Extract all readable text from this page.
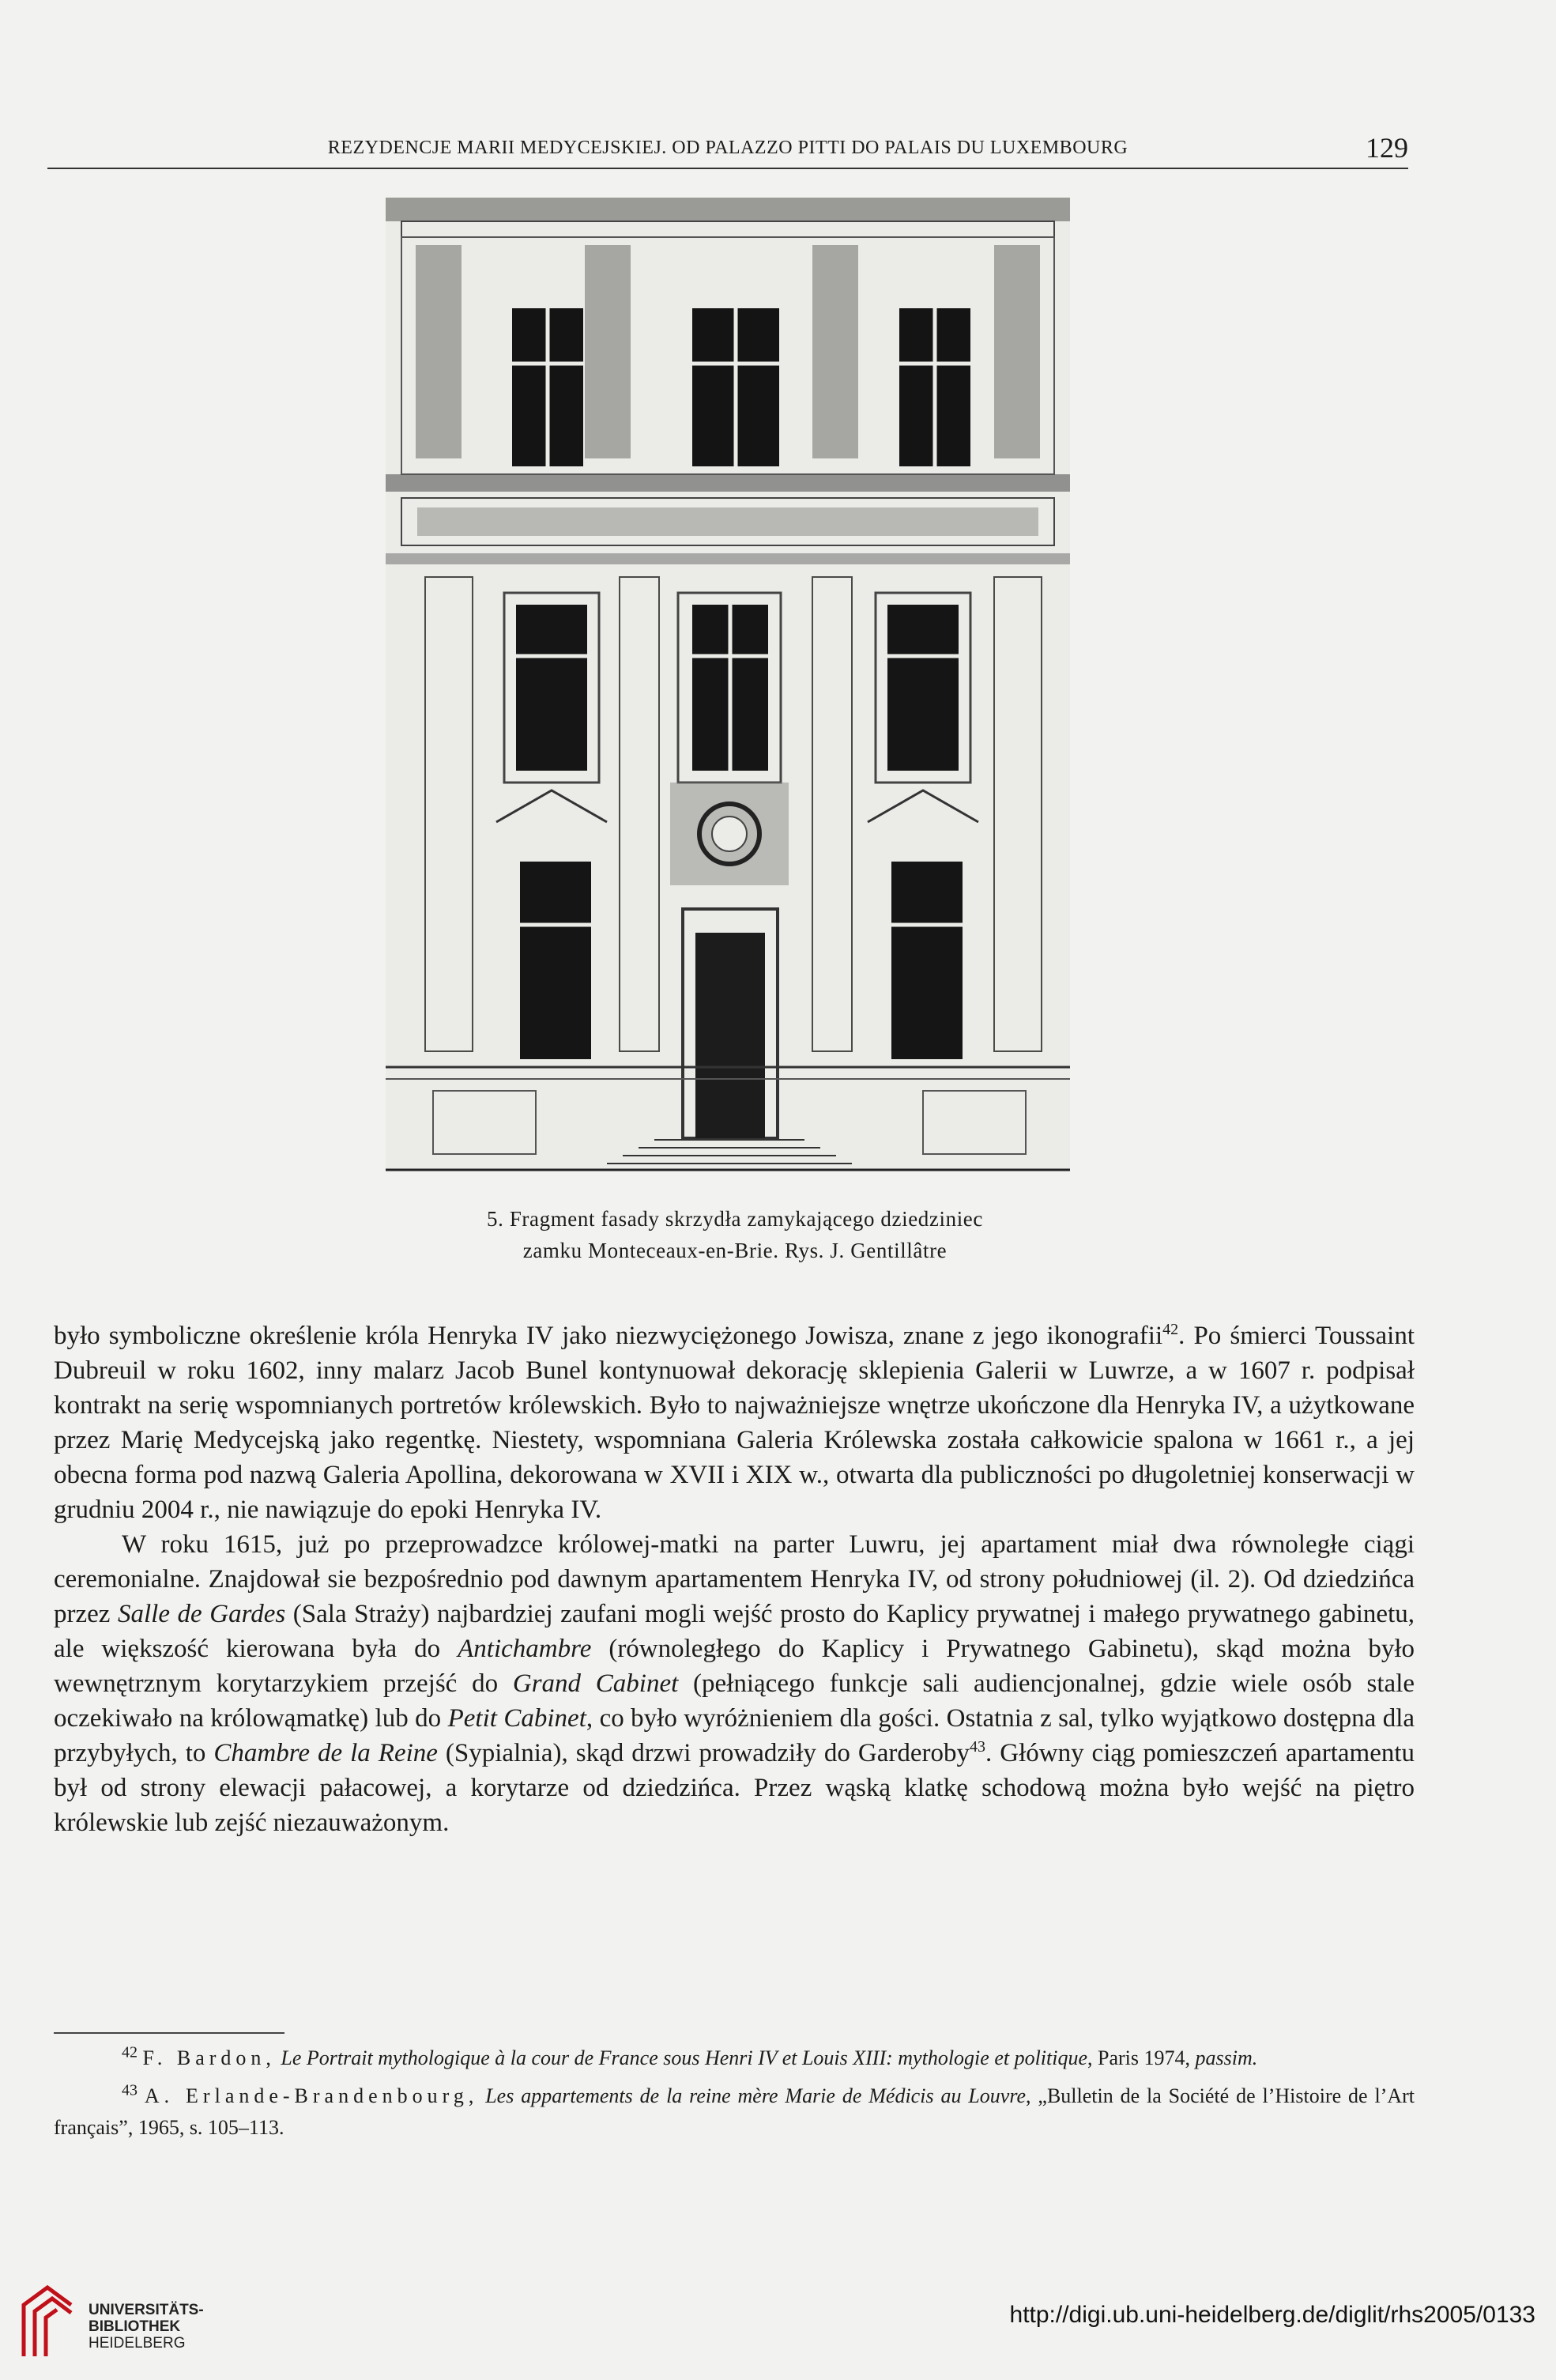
REZYDENCJE MARII MEDYCEJSKIEJ. OD PALAZZO PITTI DO PALAIS DU LUXEMBOURG	129
5. Fragment fasady skrzydła zamykającego dziedziniec
zamku Monteceaux-en-Brie. Rys. J. Gentillâtre

było symboliczne określenie króla Henryka IV jako niezwyciężonego Jowisza, znane z jego ikonografii$^{42}$. Po śmierci Toussaint Dubreuil w roku 1602, inny malarz Jacob Bunel kontynuował dekorację sklepienia Galerii w Luwrze, a w 1607 r. podpisał kontrakt na serię wspomnianych portretów królewskich. Było to najważniejsze wnętrze ukończone dla Henryka IV, a użytkowane przez Marię Medycejską jako regentkę. Niestety, wspomniana Galeria Królewska została całkowicie spalona w 1661 r., a jej obecna forma pod nazwą Galeria Apollina, dekorowana w XVII i XIX w., otwarta dla publiczności po długoletniej konserwacji w grudniu 2004 r., nie nawiązuje do epoki Henryka IV.

W roku 1615, już po przeprowadzce królowej-matki na parter Luwru, jej apartament miał dwa równoległe ciągi ceremonialne. Znajdował sie bezpośrednio pod dawnym apartamentem Henryka IV, od strony południowej (il. 2). Od dziedzińca przez Salle de Gardes (Sala Straży) najbardziej zaufani mogli wejść prosto do Kaplicy prywatnej i małego prywatnego gabinetu, ale większość kierowana była do Antichambre (równoległego do Kaplicy i Prywatnego Gabinetu), skąd można było wewnętrznym korytarzykiem przejść do Grand Cabinet (pełniącego funkcje sali audiencjonalnej, gdzie wiele osób stale oczekiwało na królowąmatkę) lub do Petit Cabinet, co było wyróżnieniem dla gości. Ostatnia z sal, tylko wyjątkowo dostępna dla przybyłych, to Chambre de la Reine (Sypialnia), skąd drzwi prowadziły do Garderoby$^{43}$. Główny ciąg pomieszczeń apartamentu był od strony elewacji pałacowej, a korytarze od dziedzińca. Przez wąską klatkę schodową można było wejść na piętro królewskie lub zejść niezauważonym.

$^{42}$ F. Bardon, Le Portrait mythologique à la cour de France sous Henri IV et Louis XIII: mythologie et politique, Paris 1974, passim.

$^{43}$ A. Erlande-Brandenbourg, Les appartements de la reine mère Marie de Médicis au Louvre, „Bulletin de la Société de l’Histoire de l’Art français”, 1965, s. 105–113.

UNIVERSITÄTS-
BIBLIOTHEK
HEIDELBERG
http://digi.ub.uni-heidelberg.de/diglit/rhs2005/0133
